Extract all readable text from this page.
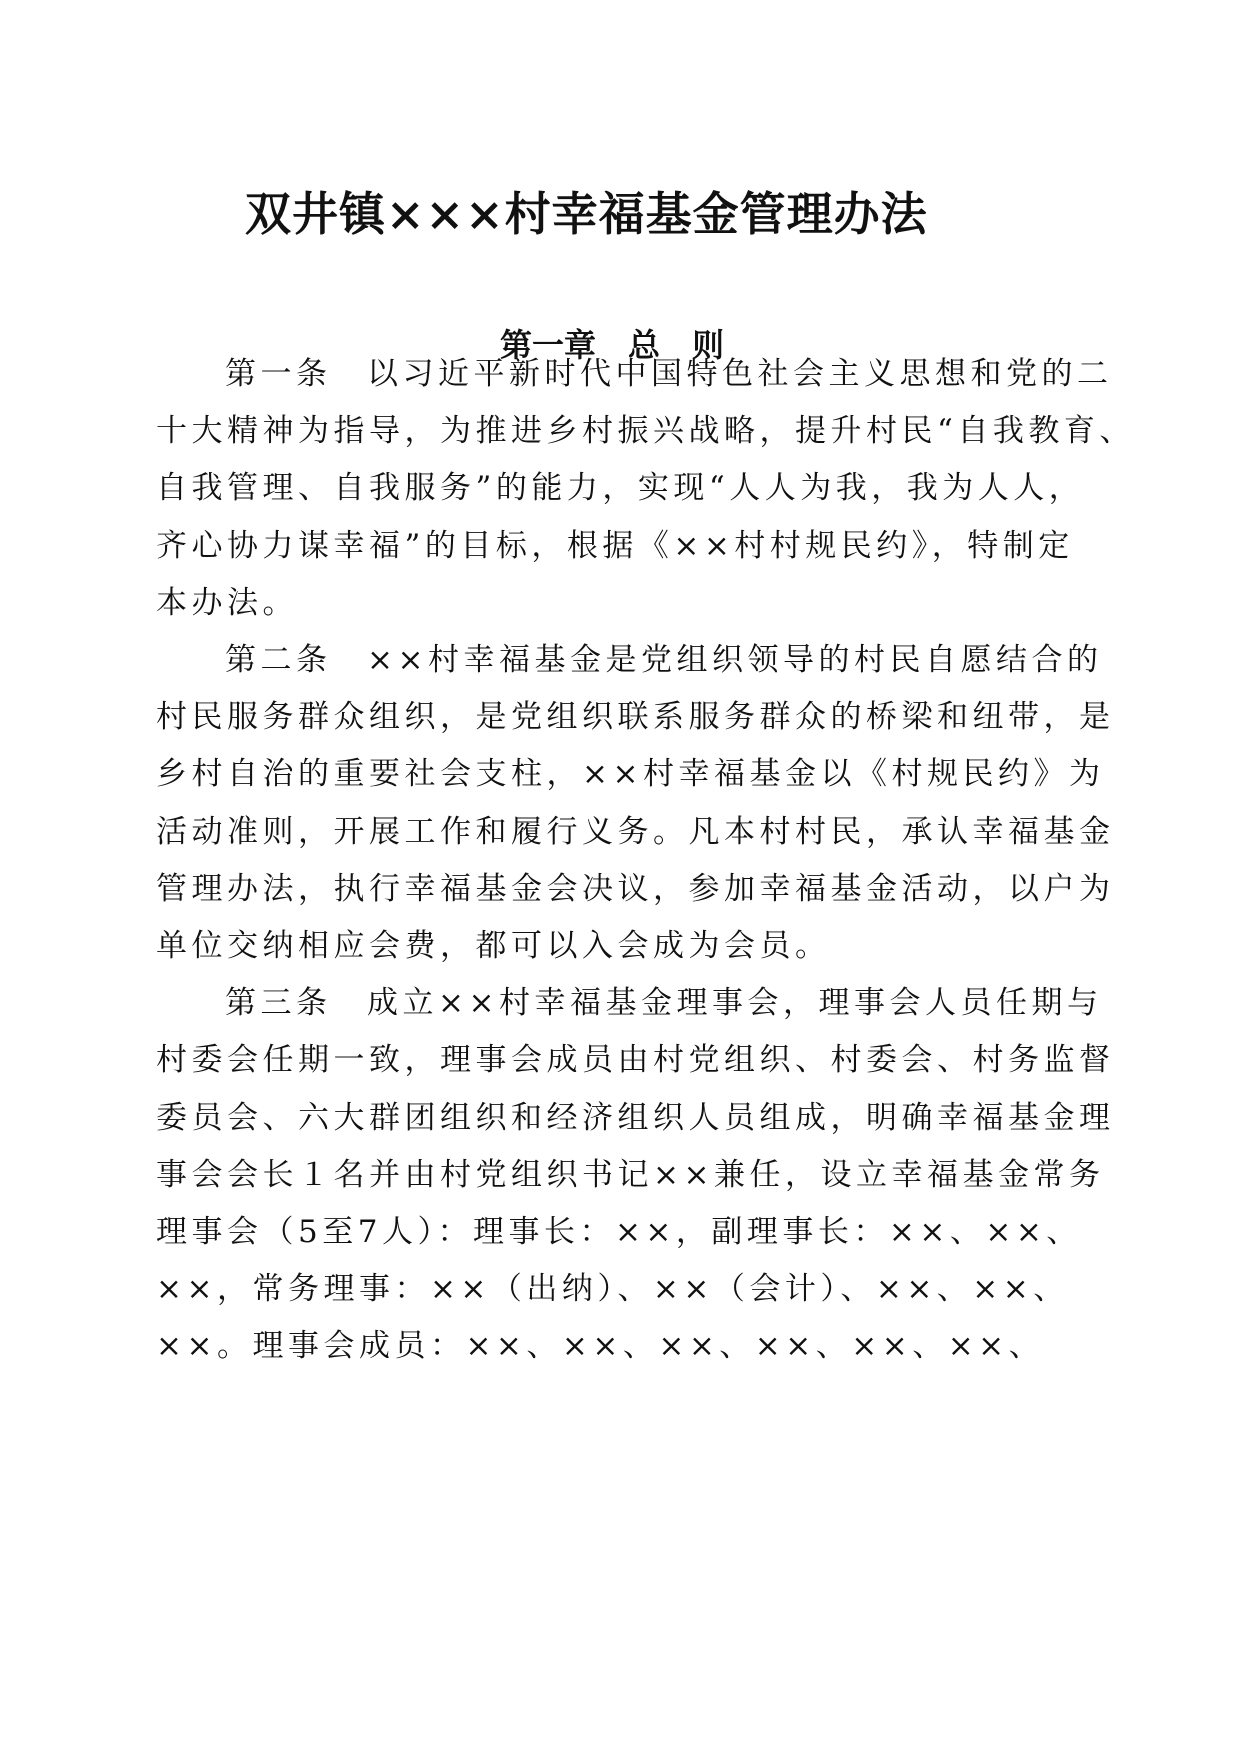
双井镇×××村幸福基金管理办法
第一章　总　则
第一条　以习近平新时代中国特色社会主义思想和党的二
十大精神为指导，为推进乡村振兴战略，提升村民“自我教育、
自我管理、自我服务”的能力，实现“人人为我，我为人人，
齐心协力谋幸福”的目标，根据《××村村规民约》，特制定
本办法。
第二条　××村幸福基金是党组织领导的村民自愿结合的
村民服务群众组织，是党组织联系服务群众的桥梁和纽带，是
乡村自治的重要社会支柱，××村幸福基金以《村规民约》为
活动准则，开展工作和履行义务。凡本村村民，承认幸福基金
管理办法，执行幸福基金会决议，参加幸福基金活动，以户为
单位交纳相应会费，都可以入会成为会员。
第三条　成立××村幸福基金理事会，理事会人员任期与
村委会任期一致，理事会成员由村党组织、村委会、村务监督
委员会、六大群团组织和经济组织人员组成，明确幸福基金理
事会会长１名并由村党组织书记××兼任，设立幸福基金常务
理事会（5至7人）：理事长：××，副理事长：××、××、
××，常务理事：××（出纳）、××（会计）、××、××、
××。理事会成员：××、××、××、××、××、××、
